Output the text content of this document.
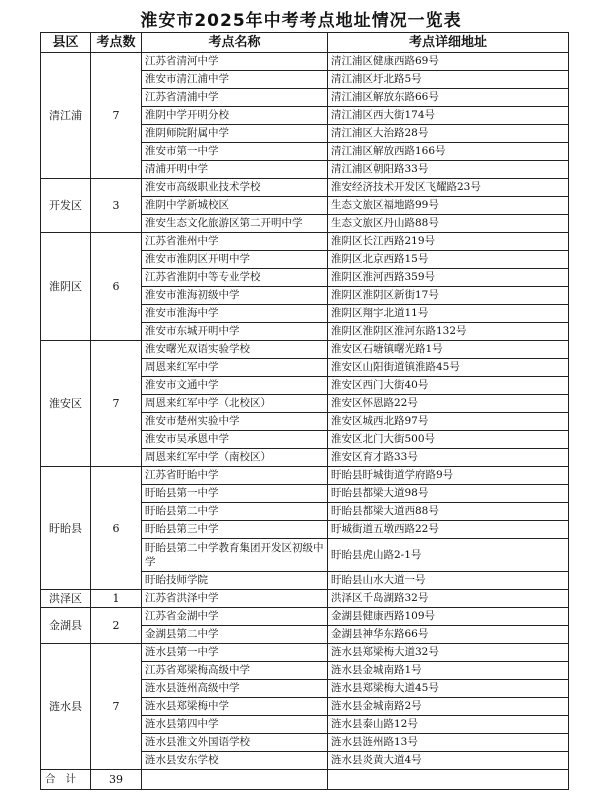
淮安市2025年中考考点地址情况一览表
县区	考点数	考点名称	考点详细地址
清江浦	7	江苏省清河中学	清江浦区健康西路69号
		淮安市清江浦中学	清江浦区圩北路5号
		江苏省清浦中学	清江浦区解放东路66号
		淮阴中学开明分校	清江浦区西大街174号
		淮阴师院附属中学	清江浦区大治路28号
		淮安市第一中学	清江浦区解放西路166号
		清浦开明中学	清江浦区朝阳路33号
开发区	3	淮安市高级职业技术学校	淮安经济技术开发区飞耀路23号
		淮阴中学新城校区	生态文旅区福地路99号
		淮安生态文化旅游区第二开明中学	生态文旅区丹山路88号
淮阴区	6	江苏省淮州中学	淮阴区长江西路219号
		淮安市淮阴区开明中学	淮阴区北京西路15号
		江苏省淮阴中等专业学校	淮阴区淮河西路359号
		淮安市淮海初级中学	淮阴区淮阴区新街17号
		淮安市淮海中学	淮阴区翔宇北道11号
		淮安市东城开明中学	淮阴区淮阴区淮河东路132号
淮安区	7	淮安曙光双语实验学校	淮安区石塘镇曙光路1号
		周恩来红军中学	淮安区山阳街道镇淮路45号
		淮安市文通中学	淮安区西门大街40号
		周恩来红军中学（北校区）	淮安区怀恩路22号
		淮安市楚州实验中学	淮安区城西北路97号
		淮安市吴承恩中学	淮安区北门大街500号
		周恩来红军中学（南校区）	淮安区育才路33号
盱眙县	6	江苏省盱眙中学	盱眙县盱城街道学府路9号
		盱眙县第一中学	盱眙县都梁大道98号
		盱眙县第二中学	盱眙县都梁大道西88号
		盱眙县第三中学	盱城街道五墩西路22号
		盱眙县第二中学教育集团开发区初级中学	盱眙县虎山路2-1号
		盱眙技师学院	盱眙县山水大道一号
洪泽区	1	江苏省洪泽中学	洪泽区千岛湖路32号
金湖县	2	江苏省金湖中学	金湖县健康西路109号
		金湖县第二中学	金湖县神华东路66号
涟水县	7	涟水县第一中学	涟水县郑梁梅大道32号
		江苏省郑梁梅高级中学	涟水县金城南路1号
		涟水县涟州高级中学	涟水县郑梁梅大道45号
		涟水县郑梁梅中学	涟水县金城南路2号
		涟水县第四中学	涟水县泰山路12号
		涟水县淮文外国语学校	涟水县涟州路13号
		涟水县安东学校	涟水县炎黄大道4号
合计	39		
